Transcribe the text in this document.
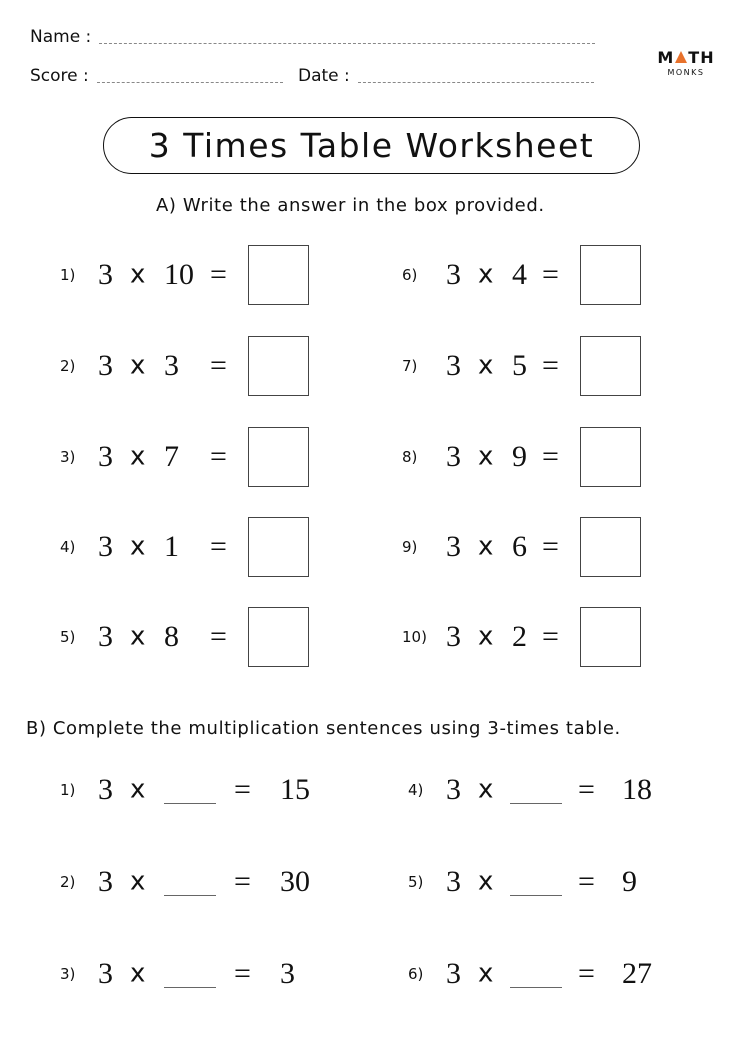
Name :
Score :	Date :
M TH
MONKS
3 Times Table Worksheet
A) Write the answer in the box provided.
1) 3 x 10 =
2) 3 x 3 =
3) 3 x 7 =
4) 3 x 1 =
5) 3 x 8 =
6) 3 x 4 =
7) 3 x 5 =
8) 3 x 9 =
9) 3 x 6 =
10) 3 x 2 =
B) Complete the multiplication sentences using 3-times table.
1) 3 x	= 15
2) 3 x	= 30
3) 3 x	= 3
4) 3 x	= 18
5) 3 x	= 9
6) 3 x	= 27
